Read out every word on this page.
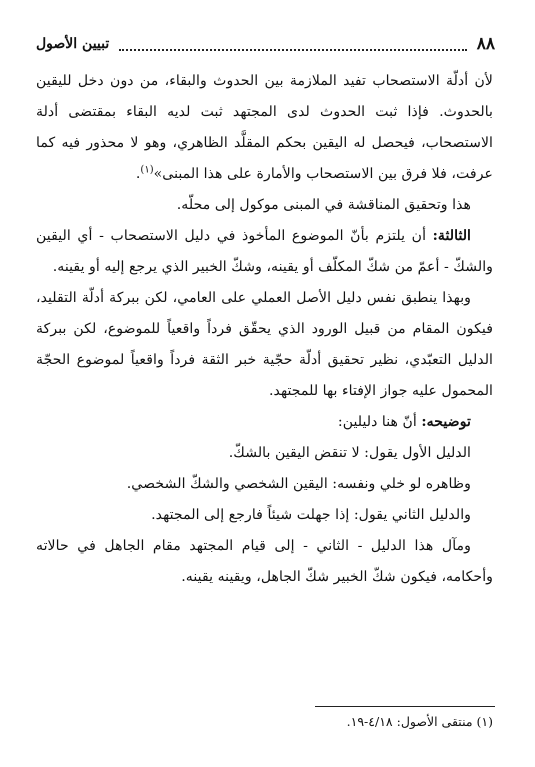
٨٨
تبيين الأصول

لأن أدلّة الاستصحاب تفيد الملازمة بين الحدوث والبقاء، من دون دخل لليقين بالحدوث. فإذا ثبت الحدوث لدى المجتهد ثبت لديه البقاء بمقتضى أدلة الاستصحاب، فيحصل له اليقين بحكم المقلَّد الظاهري، وهو لا محذور فيه كما عرفت، فلا فرق بين الاستصحاب والأمارة على هذا المبنى»$^{(١)}$.

هذا وتحقيق المناقشة في المبنى موكول إلى محلّه.

الثالثة: أن يلتزم بأنّ الموضوع المأخوذ في دليل الاستصحاب - أي اليقين والشكّ - أعمّ من شكّ المكلّف أو يقينه، وشكّ الخبير الذي يرجع إليه أو يقينه.

وبهذا ينطبق نفس دليل الأصل العملي على العامي، لكن ببركة أدلّة التقليد، فيكون المقام من قبيل الورود الذي يحقّق فرداً واقعياً للموضوع، لكن ببركة الدليل التعبّدي، نظير تحقيق أدلّة حجّية خبر الثقة فرداً واقعياً لموضوع الحجّة المحمول عليه جواز الإفتاء بها للمجتهد.

توضيحه: أنّ هنا دليلين:

الدليل الأول يقول: لا تنقض اليقين بالشكّ.

وظاهره لو خلي ونفسه: اليقين الشخصي والشكّ الشخصي.

والدليل الثاني يقول: إذا جهلت شيئاً فارجع إلى المجتهد.

ومآل هذا الدليل - الثاني - إلى قيام المجتهد مقام الجاهل في حالاته وأحكامه، فيكون شكّ الخبير شكّ الجاهل، ويقينه يقينه.

(١) منتقى الأصول: ٤/١٨-١٩.
